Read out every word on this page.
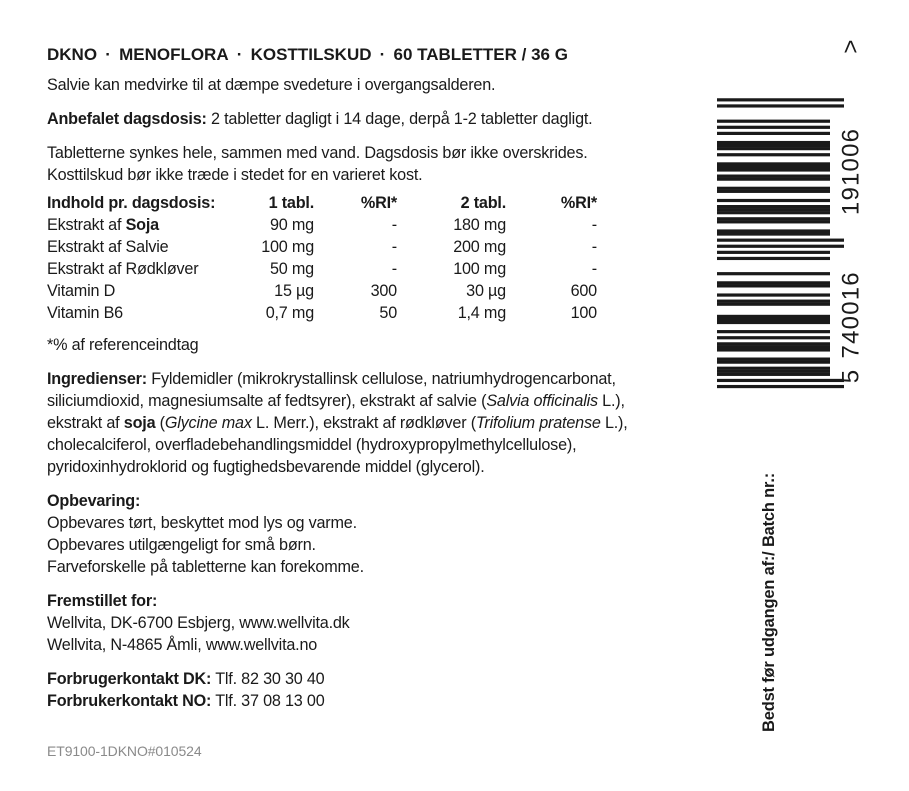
DKNO · MENOFLORA · KOSTTILSKUD · 60 TABLETTER / 36 G
Salvie kan medvirke til at dæmpe svedeture i overgangsalderen.
Anbefalet dagsdosis: 2 tabletter dagligt i 14 dage, derpå 1-2 tabletter dagligt.
Tabletterne synkes hele, sammen med vand. Dagsdosis bør ikke overskrides.
Kosttilskud bør ikke træde i stedet for en varieret kost.
Indhold pr. dagsdosis:	1 tabl.	%RI*	2 tabl.	%RI*
Ekstrakt af Soja	90 mg	-	180 mg	-
Ekstrakt af Salvie	100 mg	-	200 mg	-
Ekstrakt af Rødkløver	50 mg	-	100 mg	-
Vitamin D	15 µg	300	30 µg	600
Vitamin B6	0,7 mg	50	1,4 mg	100
*% af referenceindtag
Ingredienser: Fyldemidler (mikrokrystallinsk cellulose, natriumhydrogencarbonat,
siliciumdioxid, magnesiumsalte af fedtsyrer), ekstrakt af salvie (Salvia officinalis L.),
ekstrakt af soja (Glycine max L. Merr.), ekstrakt af rødkløver (Trifolium pratense L.),
cholecalciferol, overfladebehandlingsmiddel (hydroxypropylmethylcellulose),
pyridoxinhydroklorid og fugtighedsbevarende middel (glycerol).
Opbevaring:
Opbevares tørt, beskyttet mod lys og varme.
Opbevares utilgængeligt for små børn.
Farveforskelle på tabletterne kan forekomme.
Fremstillet for:
Wellvita, DK-6700 Esbjerg, www.wellvita.dk
Wellvita, N-4865 Åmli, www.wellvita.no
Forbrugerkontakt DK: Tlf. 82 30 30 40
Forbrukerkontakt NO: Tlf. 37 08 13 00
ET9100-1DKNO#010524
5
740016
191006
>
Bedst før udgangen af:/ Batch nr.:
